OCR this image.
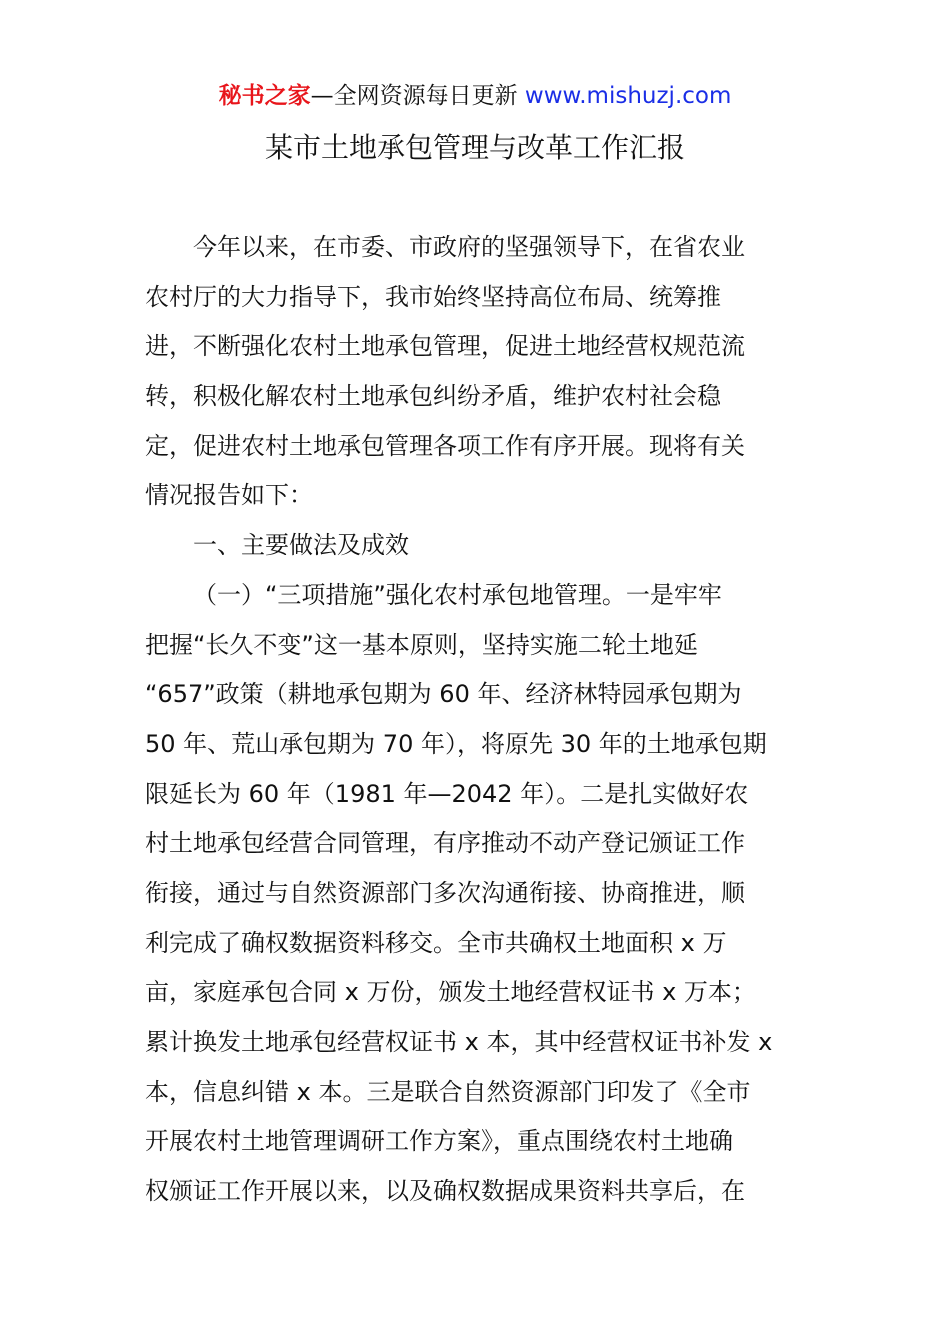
秘书之家—全网资源每日更新 www.mishuzj.com
某市土地承包管理与改革工作汇报
今年以来，在市委、市政府的坚强领导下，在省农业
农村厅的大力指导下，我市始终坚持高位布局、统筹推
进，不断强化农村土地承包管理，促进土地经营权规范流
转，积极化解农村土地承包纠纷矛盾，维护农村社会稳
定，促进农村土地承包管理各项工作有序开展。现将有关
情况报告如下：
一、主要做法及成效
（一）“三项措施”强化农村承包地管理。一是牢牢
把握“长久不变”这一基本原则，坚持实施二轮土地延
“657”政策（耕地承包期为 60 年、经济林特园承包期为
50 年、荒山承包期为 70 年），将原先 30 年的土地承包期
限延长为 60 年（1981 年—2042 年）。二是扎实做好农
村土地承包经营合同管理，有序推动不动产登记颁证工作
衔接，通过与自然资源部门多次沟通衔接、协商推进，顺
利完成了确权数据资料移交。全市共确权土地面积 x 万
亩，家庭承包合同 x 万份，颁发土地经营权证书 x 万本；
累计换发土地承包经营权证书 x 本，其中经营权证书补发 x
本，信息纠错 x 本。三是联合自然资源部门印发了《全市
开展农村土地管理调研工作方案》，重点围绕农村土地确
权颁证工作开展以来，以及确权数据成果资料共享后，在
